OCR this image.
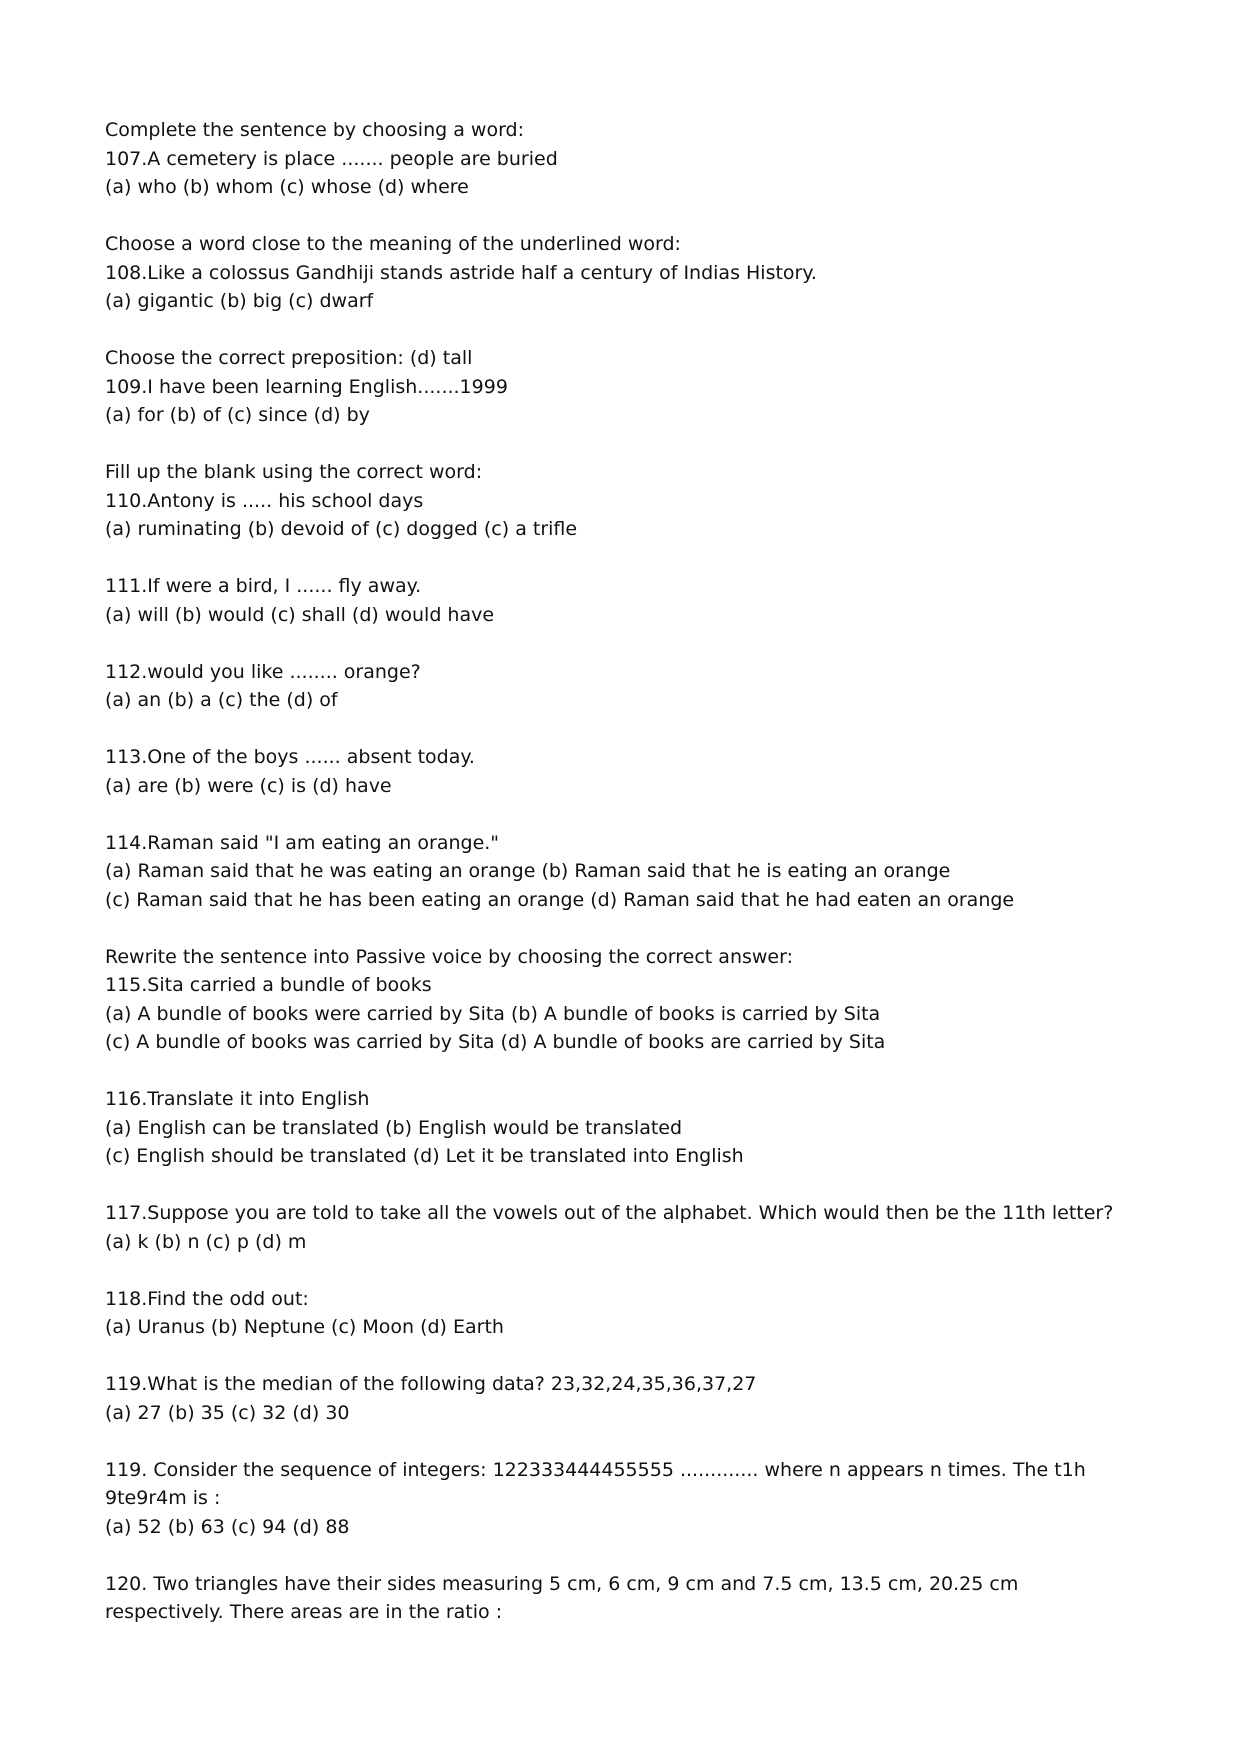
Complete the sentence by choosing a word:
107.A cemetery is place ....... people are buried
(a) who (b) whom (c) whose (d) where
Choose a word close to the meaning of the underlined word:
108.Like a colossus Gandhiji stands astride half a century of Indias History.
(a) gigantic (b) big (c) dwarf
Choose the correct preposition: (d) tall
109.I have been learning English.......1999
(a) for (b) of (c) since (d) by
Fill up the blank using the correct word:
110.Antony is ..... his school days
(a) ruminating (b) devoid of (c) dogged (c) a trifle
111.If were a bird, I ...... fly away.
(a) will (b) would (c) shall (d) would have
112.would you like ........ orange?
(a) an (b) a (c) the (d) of
113.One of the boys ...... absent today.
(a) are (b) were (c) is (d) have
114.Raman said "I am eating an orange."
(a) Raman said that he was eating an orange (b) Raman said that he is eating an orange
(c) Raman said that he has been eating an orange (d) Raman said that he had eaten an orange
Rewrite the sentence into Passive voice by choosing the correct answer:
115.Sita carried a bundle of books
(a) A bundle of books were carried by Sita (b) A bundle of books is carried by Sita
(c) A bundle of books was carried by Sita (d) A bundle of books are carried by Sita
116.Translate it into English
(a) English can be translated (b) English would be translated
(c) English should be translated (d) Let it be translated into English
117.Suppose you are told to take all the vowels out of the alphabet. Which would then be the 11th letter?
(a) k (b) n (c) p (d) m
118.Find the odd out:
(a) Uranus (b) Neptune (c) Moon (d) Earth
119.What is the median of the following data? 23,32,24,35,36,37,27
(a) 27 (b) 35 (c) 32 (d) 30
119. Consider the sequence of integers: 122333444455555 ............. where n appears n times. The t1h
9te9r4m is :
(a) 52 (b) 63 (c) 94 (d) 88
120. Two triangles have their sides measuring 5 cm, 6 cm, 9 cm and 7.5 cm, 13.5 cm, 20.25 cm
respectively. There areas are in the ratio :
